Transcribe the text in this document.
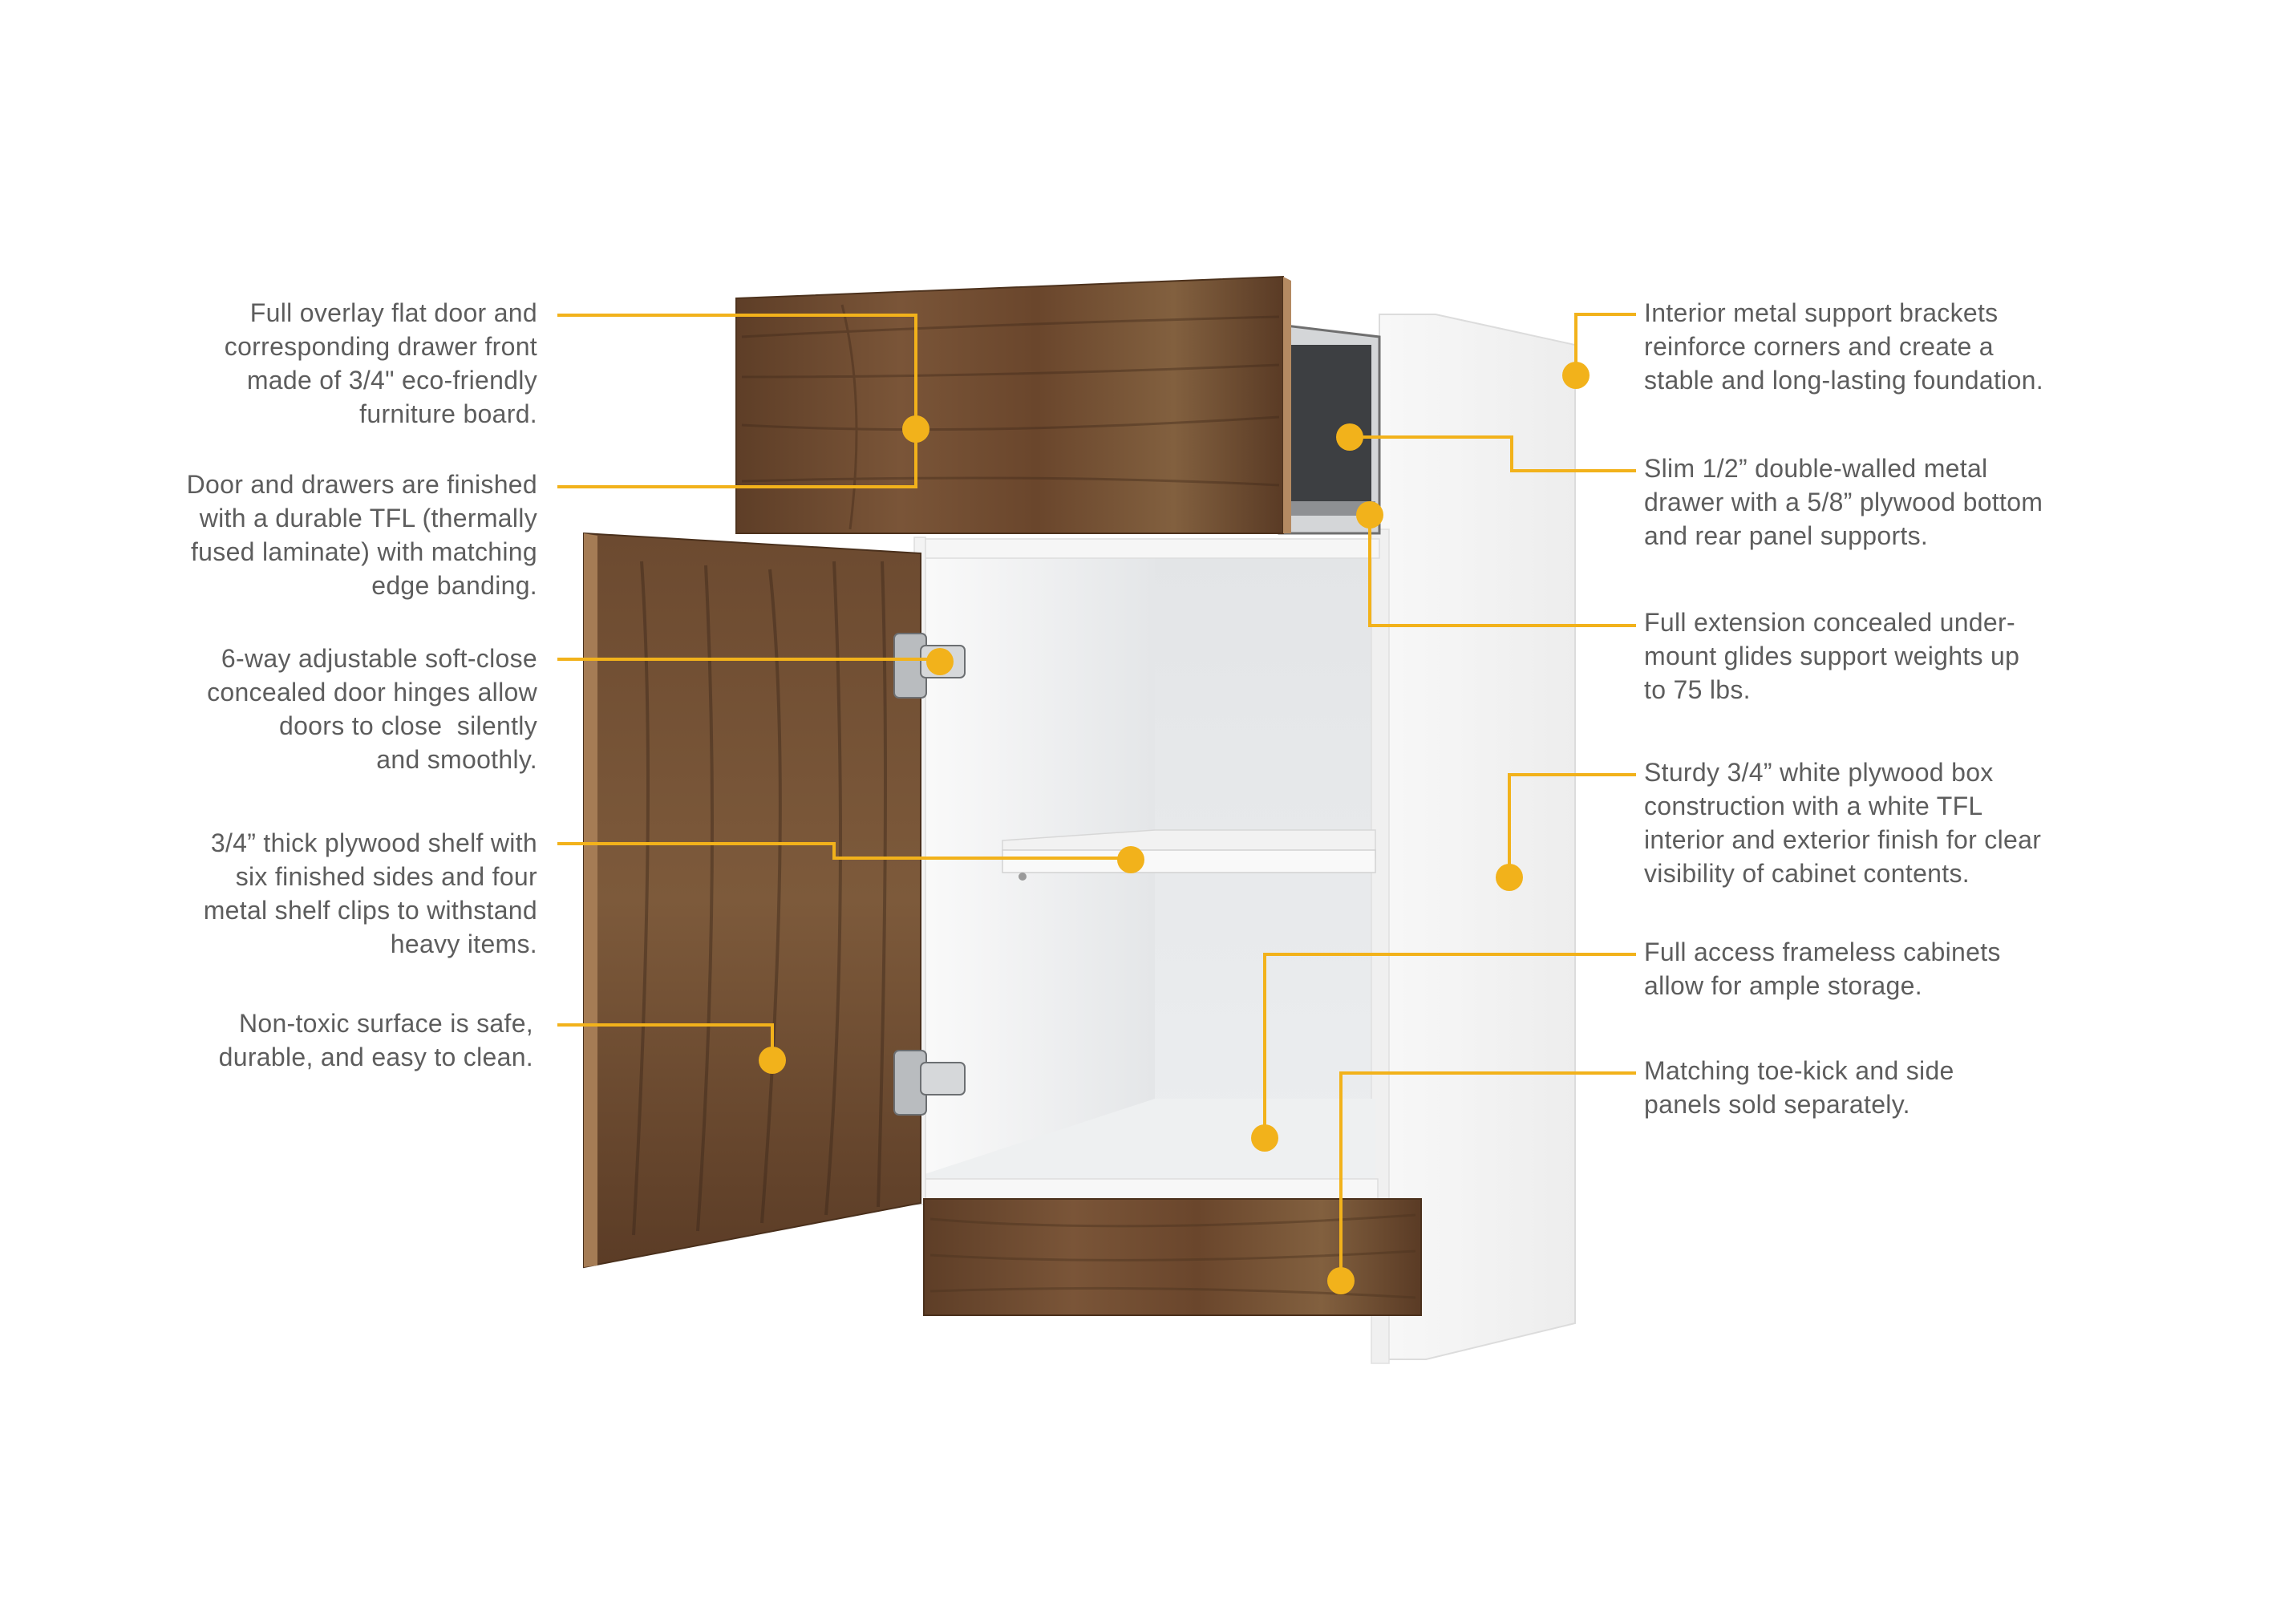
Full overlay flat door and
corresponding drawer front
made of 3/4" eco-friendly
furniture board.
Door and drawers are finished
with a durable TFL (thermally
fused laminate) with matching
edge banding.
6-way adjustable soft-close
concealed door hinges allow
doors to close  silently
and smoothly.
3/4” thick plywood shelf with
six finished sides and four
metal shelf clips to withstand
heavy items.
Non-toxic surface is safe,
durable, and easy to clean.
Interior metal support brackets
reinforce corners and create a
stable and long-lasting foundation.
Slim 1/2” double-walled metal
drawer with a 5/8” plywood bottom
and rear panel supports.
Full extension concealed under-
mount glides support weights up
to 75 lbs.
Sturdy 3/4” white plywood box
construction with a white TFL
interior and exterior finish for clear
visibility of cabinet contents.
Full access frameless cabinets
allow for ample storage.
Matching toe-kick and side
panels sold separately.
